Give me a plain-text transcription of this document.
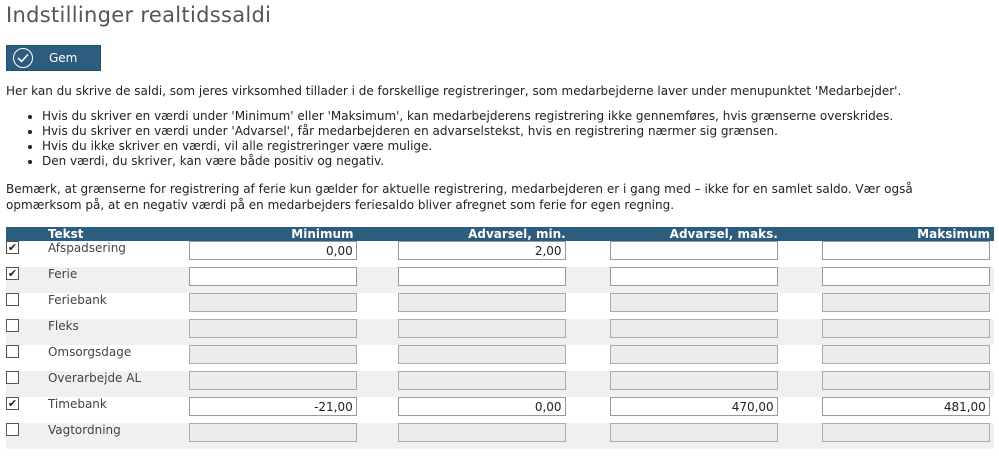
Indstillinger realtidssaldi
Gem
Her kan du skrive de saldi, som jeres virksomhed tillader i de forskellige registreringer, som medarbejderne laver under menupunktet 'Medarbejder'.
• Hvis du skriver en værdi under 'Minimum' eller 'Maksimum', kan medarbejderens registrering ikke gennemføres, hvis grænserne overskrides.
• Hvis du skriver en værdi under 'Advarsel', får medarbejderen en advarselstekst, hvis en registrering nærmer sig grænsen.
• Hvis du ikke skriver en værdi, vil alle registreringer være mulige.
• Den værdi, du skriver, kan være både positiv og negativ.
Bemærk, at grænserne for registrering af ferie kun gælder for aktuelle registrering, medarbejderen er i gang med – ikke for en samlet saldo. Vær også opmærksom på, at en negativ værdi på en medarbejders feriesaldo bliver afregnet som ferie for egen regning.
	Tekst	Minimum	Advarsel, min.	Advarsel, maks.	Maksimum

✔	Afspadsering	0,00	2,00		

✔	Ferie				

	Feriebank				

	Fleks				

	Omsorgsdage				

	Overarbejde AL				

✔	Timebank	-21,00	0,00	470,00	481,00

	Vagtordning				
